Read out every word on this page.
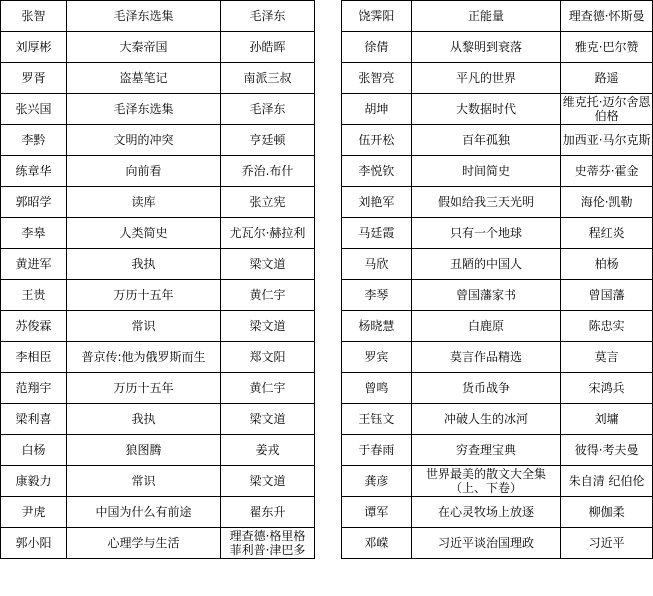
张智	毛泽东选集	毛泽东
刘厚彬	大秦帝国	孙皓晖
罗胥	盗墓笔记	南派三叔
张兴国	毛泽东选集	毛泽东
李黔	文明的冲突	亨廷顿
练章华	向前看	乔治.布什
郭昭学	读库	张立宪
李皋	人类简史	尤瓦尔·赫拉利
黄进军	我执	梁文道
王贵	万历十五年	黄仁宇
苏俊霖	常识	梁文道
李相臣	普京传:他为俄罗斯而生	郑文阳
范翔宇	万历十五年	黄仁宇
梁利喜	我执	梁文道
白杨	狼图腾	姜戎
康毅力	常识	梁文道
尹虎	中国为什么有前途	翟东升
郭小阳	心理学与生活	理查德·格里格 菲利普·津巴多
饶霁阳	正能量	理查德·怀斯曼
徐倩	从黎明到衰落	雅克·巴尔赞
张智亮	平凡的世界	路遥
胡坤	大数据时代	维克托·迈尔舍恩伯格
伍开松	百年孤独	加西亚·马尔克斯
李悦钦	时间简史	史蒂芬·霍金
刘艳军	假如给我三天光明	海伦·凯勒
马廷霞	只有一个地球	程红炎
马欣	丑陋的中国人	柏杨
李琴	曾国藩家书	曾国藩
杨晓慧	白鹿原	陈忠实
罗宾	莫言作品精选	莫言
曾鸣	货币战争	宋鸿兵
王钰文	冲破人生的冰河	刘墉
于春雨	穷查理宝典	彼得·考夫曼
龚彦	世界最美的散文大全集（上、下卷）	朱自清 纪伯伦
谭军	在心灵牧场上放逐	柳伽柔
邓嵘	习近平谈治国理政	习近平
